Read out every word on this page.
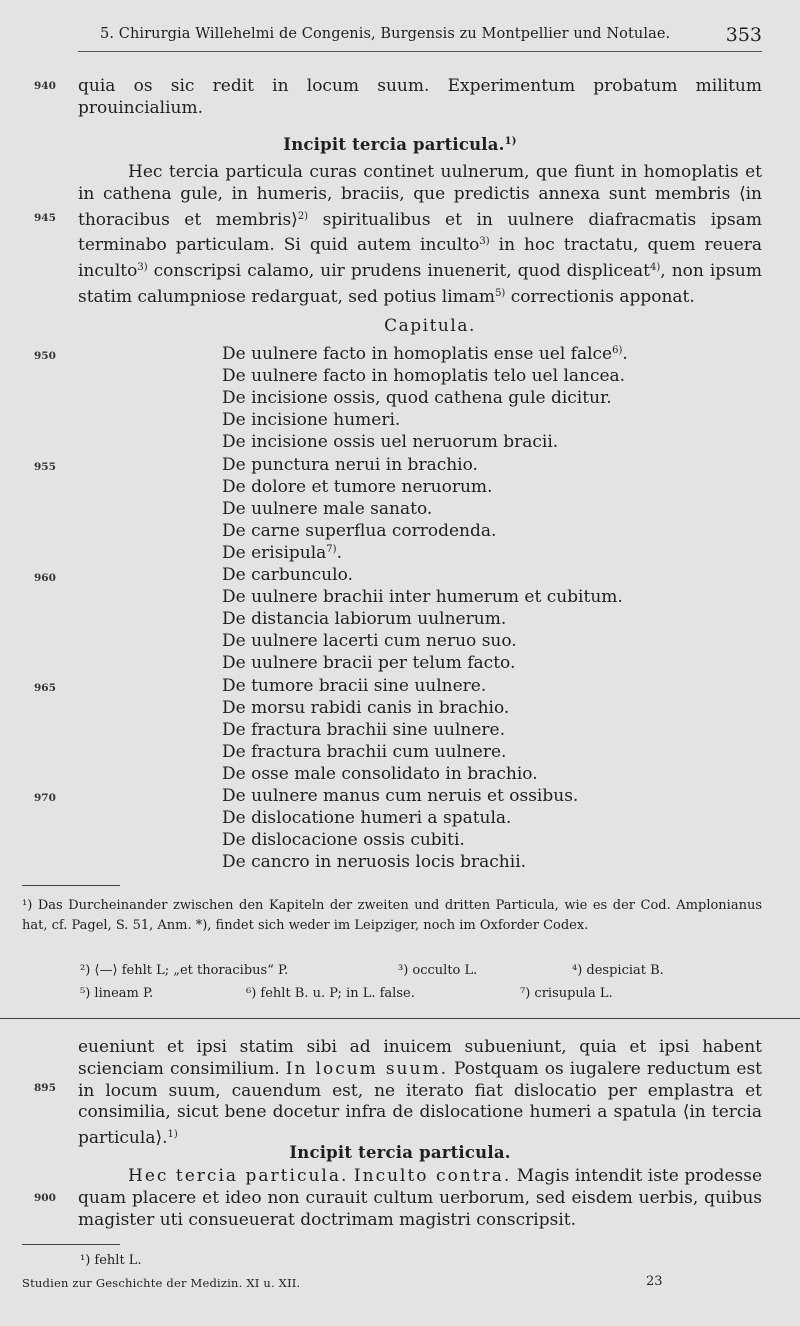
5. Chirurgia Willehelmi de Congenis, Burgensis zu Montpellier und Notulae.	353
940
945
950
955
960
965
970
895
900
quia os sic redit in locum suum. Experimentum probatum militum prouincialium.
Incipit tercia particula.$^{1)}$
Hec tercia particula curas continet uulnerum, que fiunt in homoplatis et in cathena gule, in humeris, braciis, que predictis annexa sunt membris ⟨in thoracibus et membris⟩$^{2)}$ spiritualibus et in uulnere diafracmatis ipsam terminabo particulam. Si quid autem inculto$^{3)}$ in hoc tractatu, quem reuera inculto$^{3)}$ conscripsi calamo, uir prudens inuenerit, quod displiceat$^{4)}$, non ipsum statim calumpniose redarguat, sed potius limam$^{5)}$ correctionis apponat.
Capitula.
De uulnere facto in homoplatis ense uel falce$^{6)}$.
De uulnere facto in homoplatis telo uel lancea.
De incisione ossis, quod cathena gule dicitur.
De incisione humeri.
De incisione ossis uel neruorum bracii.
De punctura nerui in brachio.
De dolore et tumore neruorum.
De uulnere male sanato.
De carne superflua corrodenda.
De erisipula$^{7)}$.
De carbunculo.
De uulnere brachii inter humerum et cubitum.
De distancia labiorum uulnerum.
De uulnere lacerti cum neruo suo.
De uulnere bracii per telum facto.
De tumore bracii sine uulnere.
De morsu rabidi canis in brachio.
De fractura brachii sine uulnere.
De fractura brachii cum uulnere.
De osse male consolidato in brachio.
De uulnere manus cum neruis et ossibus.
De dislocatione humeri a spatula.
De dislocacione ossis cubiti.
De cancro in neruosis locis brachii.
¹) Das Durcheinander zwischen den Kapiteln der zweiten und dritten Particula, wie es der Cod. Amplonianus hat, cf. Pagel, S. 51, Anm. *), findet sich weder im Leipziger, noch im Oxforder Codex.
²) ⟨—⟩ fehlt L; „et thoracibus“ P.	³) occulto L.	⁴) despiciat B.
⁵) lineam P.	⁶) fehlt B. u. P; in L. false.	⁷) crisupula L.
eueniunt et ipsi statim sibi ad inuicem subueniunt, quia et ipsi habent scienciam consimilium. In locum suum. Postquam os iugalere reductum est in locum suum, cauendum est, ne iterato fiat dislocatio per emplastra et consimilia, sicut bene docetur infra de dislocatione humeri a spatula ⟨in tercia particula⟩.$^{1)}$
Incipit tercia particula.
Hec tercia particula. Inculto contra. Magis intendit iste prodesse quam placere et ideo non curauit cultum uerborum, sed eisdem uerbis, quibus magister uti consueuerat doctrimam magistri conscripsit.
¹) fehlt L.
Studien zur Geschichte der Medizin. XI u. XII.	23
